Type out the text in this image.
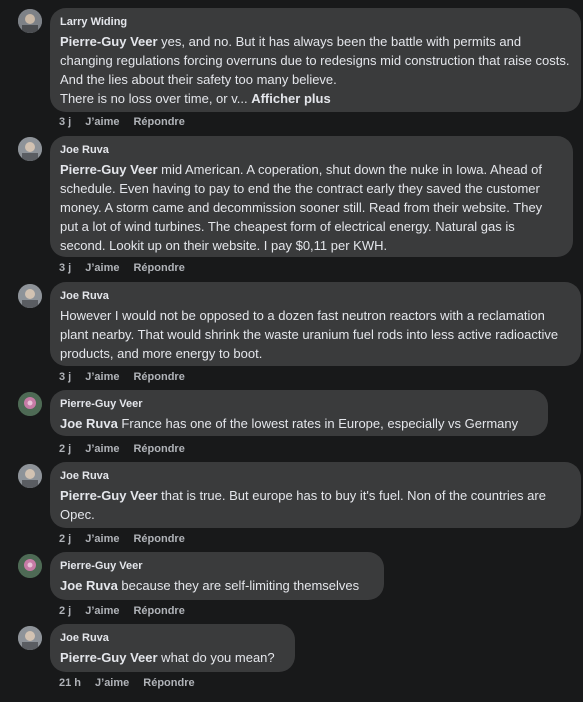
Larry Widing
Pierre-Guy Veer yes, and no. But it has always been the battle with permits and changing regulations forcing overruns due to redesigns mid construction that raise costs. And the lies about their safety too many believe.
There is no loss over time, or v... Afficher plus
3 j J’aime Répondre
Joe Ruva
Pierre-Guy Veer mid American. A coperation, shut down the nuke in Iowa. Ahead of schedule. Even having to pay to end the the contract early they saved the customer money. A storm came and decommission sooner still. Read from their website. They put a lot of wind turbines. The cheapest form of electrical energy. Natural gas is second. Lookit up on their website. I pay $0,11 per KWH.
3 j J’aime Répondre
Joe Ruva
However I would not be opposed to a dozen fast neutron reactors with a reclamation plant nearby. That would shrink the waste uranium fuel rods into less active radioactive products, and more energy to boot.
3 j J’aime Répondre
Pierre-Guy Veer
Joe Ruva France has one of the lowest rates in Europe, especially vs Germany
2 j J’aime Répondre
Joe Ruva
Pierre-Guy Veer that is true. But europe has to buy it's fuel. Non of the countries are Opec.
2 j J’aime Répondre
Pierre-Guy Veer
Joe Ruva because they are self-limiting themselves
2 j J’aime Répondre
Joe Ruva
Pierre-Guy Veer what do you mean?
21 h J’aime Répondre
